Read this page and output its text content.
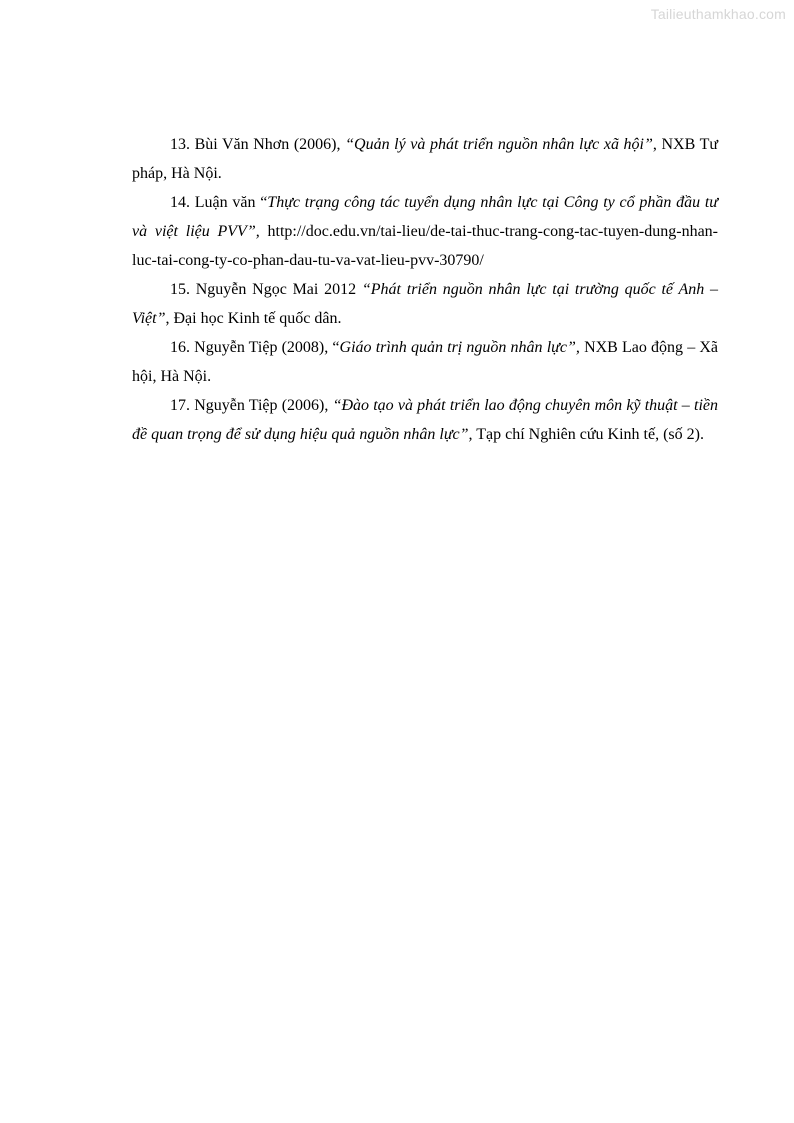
Tailieuthamkhao.com

13. Bùi Văn Nhơn (2006), “Quản lý và phát triển nguồn nhân lực xã hội”, NXB Tư pháp, Hà Nội.

14. Luận văn “Thực trạng công tác tuyển dụng nhân lực tại Công ty cổ phần đầu tư và việt liệu PVV”, http://doc.edu.vn/tai-lieu/de-tai-thuc-trang-cong-tac-tuyen-dung-nhan-luc-tai-cong-ty-co-phan-dau-tu-va-vat-lieu-pvv-30790/

15. Nguyễn Ngọc Mai 2012 “Phát triển nguồn nhân lực tại trường quốc tế Anh – Việt”, Đại học Kinh tế quốc dân.

16. Nguyễn Tiệp (2008), “Giáo trình quản trị nguồn nhân lực”, NXB Lao động – Xã hội, Hà Nội.

17. Nguyễn Tiệp (2006), “Đào tạo và phát triển lao động chuyên môn kỹ thuật – tiền đề quan trọng để sử dụng hiệu quả nguồn nhân lực”, Tạp chí Nghiên cứu Kinh tế, (số 2).
